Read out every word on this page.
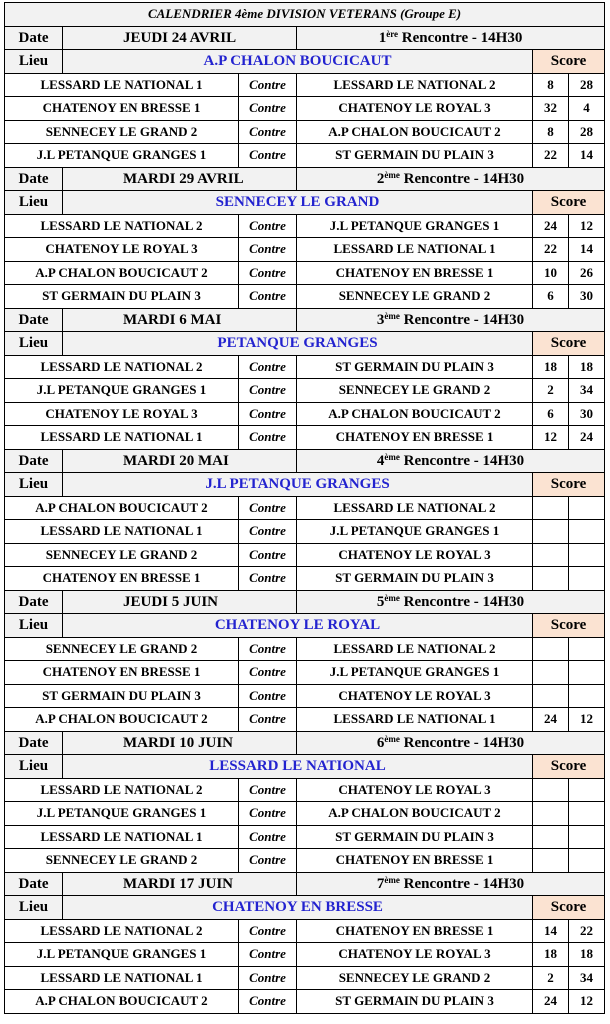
CALENDRIER 4ème DIVISION VETERANS (Groupe E)					
Date	JEUDI 24 AVRIL		1ère Rencontre - 14H30		
Lieu	A.P CHALON BOUCICAUT			Score	
LESSARD LE NATIONAL 1		Contre	LESSARD LE NATIONAL 2	8	28
CHATENOY EN BRESSE 1		Contre	CHATENOY LE ROYAL 3	32	4
SENNECEY LE GRAND 2		Contre	A.P CHALON BOUCICAUT 2	8	28
J.L PETANQUE GRANGES 1		Contre	ST GERMAIN DU PLAIN 3	22	14
Date	MARDI 29 AVRIL		2ème Rencontre - 14H30		
Lieu	SENNECEY LE GRAND			Score	
LESSARD LE NATIONAL 2		Contre	J.L PETANQUE GRANGES 1	24	12
CHATENOY LE ROYAL 3		Contre	LESSARD LE NATIONAL 1	22	14
A.P CHALON BOUCICAUT 2		Contre	CHATENOY EN BRESSE 1	10	26
ST GERMAIN DU PLAIN 3		Contre	SENNECEY LE GRAND 2	6	30
Date	MARDI 6 MAI		3ème Rencontre - 14H30		
Lieu	PETANQUE GRANGES			Score	
LESSARD LE NATIONAL 2		Contre	ST GERMAIN DU PLAIN 3	18	18
J.L PETANQUE GRANGES 1		Contre	SENNECEY LE GRAND 2	2	34
CHATENOY LE ROYAL 3		Contre	A.P CHALON BOUCICAUT 2	6	30
LESSARD LE NATIONAL 1		Contre	CHATENOY EN BRESSE 1	12	24
Date	MARDI 20 MAI		4ème Rencontre - 14H30		
Lieu	J.L PETANQUE GRANGES			Score	
A.P CHALON BOUCICAUT 2		Contre	LESSARD LE NATIONAL 2		
LESSARD LE NATIONAL 1		Contre	J.L PETANQUE GRANGES 1		
SENNECEY LE GRAND 2		Contre	CHATENOY LE ROYAL 3		
CHATENOY EN BRESSE 1		Contre	ST GERMAIN DU PLAIN 3		
Date	JEUDI 5 JUIN		5ème Rencontre - 14H30		
Lieu	CHATENOY LE ROYAL			Score	
SENNECEY LE GRAND 2		Contre	LESSARD LE NATIONAL 2		
CHATENOY EN BRESSE 1		Contre	J.L PETANQUE GRANGES 1		
ST GERMAIN DU PLAIN 3		Contre	CHATENOY LE ROYAL 3		
A.P CHALON BOUCICAUT 2		Contre	LESSARD LE NATIONAL 1	24	12
Date	MARDI 10 JUIN		6ème Rencontre - 14H30		
Lieu	LESSARD LE NATIONAL			Score	
LESSARD LE NATIONAL 2		Contre	CHATENOY LE ROYAL 3		
J.L PETANQUE GRANGES 1		Contre	A.P CHALON BOUCICAUT 2		
LESSARD LE NATIONAL 1		Contre	ST GERMAIN DU PLAIN 3		
SENNECEY LE GRAND 2		Contre	CHATENOY EN BRESSE 1		
Date	MARDI 17 JUIN		7ème Rencontre - 14H30		
Lieu	CHATENOY EN BRESSE			Score	
LESSARD LE NATIONAL 2		Contre	CHATENOY EN BRESSE 1	14	22
J.L PETANQUE GRANGES 1		Contre	CHATENOY LE ROYAL 3	18	18
LESSARD LE NATIONAL 1		Contre	SENNECEY LE GRAND 2	2	34
A.P CHALON BOUCICAUT 2		Contre	ST GERMAIN DU PLAIN 3	24	12
